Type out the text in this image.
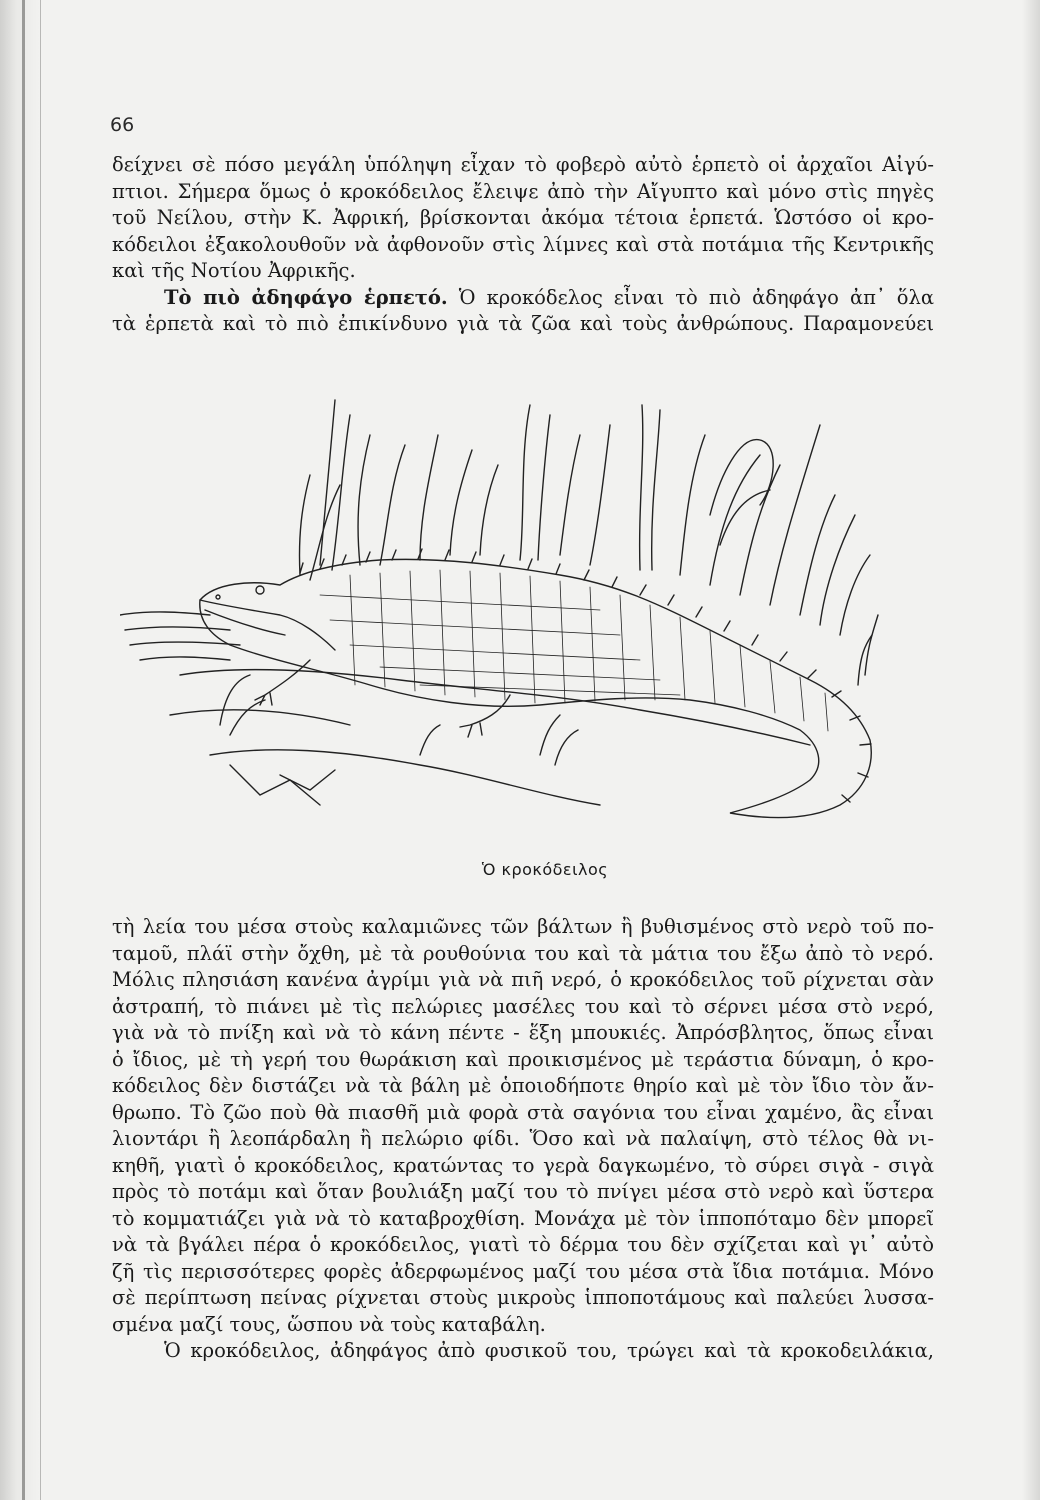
66
δείχνει σὲ πόσο μεγάλη ὑπόληψη εἶχαν τὸ φοβερὸ αὐτὸ ἑρπετὸ οἱ ἀρχαῖοι Αἰγύ-
πτιοι. Σήμερα ὅμως ὁ κροκόδειλος ἔλειψε ἀπὸ τὴν Αἴγυπτο καὶ μόνο στὶς πηγὲς
τοῦ Νείλου, στὴν Κ. Ἀφρική, βρίσκονται ἀκόμα τέτοια ἑρπετά. Ὡστόσο οἱ κρο-
κόδειλοι ἐξακολουθοῦν νὰ ἀφθονοῦν στὶς λίμνες καὶ στὰ ποτάμια τῆς Κεντρικῆς
καὶ τῆς Νοτίου Ἀφρικῆς.
Τὸ πιὸ ἀδηφάγο ἑρπετό. Ὁ κροκόδελος εἶναι τὸ πιὸ ἀδηφάγο ἀπ᾿ ὅλα
τὰ ἑρπετὰ καὶ τὸ πιὸ ἐπικίνδυνο γιὰ τὰ ζῶα καὶ τοὺς ἀνθρώπους. Παραμονεύει
Ὁ κροκόδειλος
τὴ λεία του μέσα στοὺς καλαμιῶνες τῶν βάλτων ἢ βυθισμένος στὸ νερὸ τοῦ πο-
ταμοῦ, πλάϊ στὴν ὄχθη, μὲ τὰ ρουθούνια του καὶ τὰ μάτια του ἔξω ἀπὸ τὸ νερό.
Μόλις πλησιάση κανένα ἀγρίμι γιὰ νὰ πιῆ νερό, ὁ κροκόδειλος τοῦ ρίχνεται σὰν
ἀστραπή, τὸ πιάνει μὲ τὶς πελώριες μασέλες του καὶ τὸ σέρνει μέσα στὸ νερό,
γιὰ νὰ τὸ πνίξη καὶ νὰ τὸ κάνη πέντε - ἕξη μπουκιές. Ἀπρόσβλητος, ὅπως εἶναι
ὁ ἴδιος, μὲ τὴ γερή του θωράκιση καὶ προικισμένος μὲ τεράστια δύναμη, ὁ κρο-
κόδειλος δὲν διστάζει νὰ τὰ βάλη μὲ ὁποιοδήποτε θηρίο καὶ μὲ τὸν ἴδιο τὸν ἄν-
θρωπο. Τὸ ζῶο ποὺ θὰ πιασθῆ μιὰ φορὰ στὰ σαγόνια του εἶναι χαμένο, ἂς εἶναι
λιοντάρι ἢ λεοπάρδαλη ἢ πελώριο φίδι. Ὅσο καὶ νὰ παλαίψη, στὸ τέλος θὰ νι-
κηθῆ, γιατὶ ὁ κροκόδειλος, κρατώντας το γερὰ δαγκωμένο, τὸ σύρει σιγὰ - σιγὰ
πρὸς τὸ ποτάμι καὶ ὅταν βουλιάξη μαζί του τὸ πνίγει μέσα στὸ νερὸ καὶ ὕστερα
τὸ κομματιάζει γιὰ νὰ τὸ καταβροχθίση. Μονάχα μὲ τὸν ἱπποπόταμο δὲν μπορεῖ
νὰ τὰ βγάλει πέρα ὁ κροκόδειλος, γιατὶ τὸ δέρμα του δὲν σχίζεται καὶ γι᾿ αὐτὸ
ζῆ τὶς περισσότερες φορὲς ἀδερφωμένος μαζί του μέσα στὰ ἴδια ποτάμια. Μόνο
σὲ περίπτωση πείνας ρίχνεται στοὺς μικροὺς ἱπποποτάμους καὶ παλεύει λυσσα-
σμένα μαζί τους, ὥσπου νὰ τοὺς καταβάλη.
Ὁ κροκόδειλος, ἀδηφάγος ἀπὸ φυσικοῦ του, τρώγει καὶ τὰ κροκοδειλάκια,
